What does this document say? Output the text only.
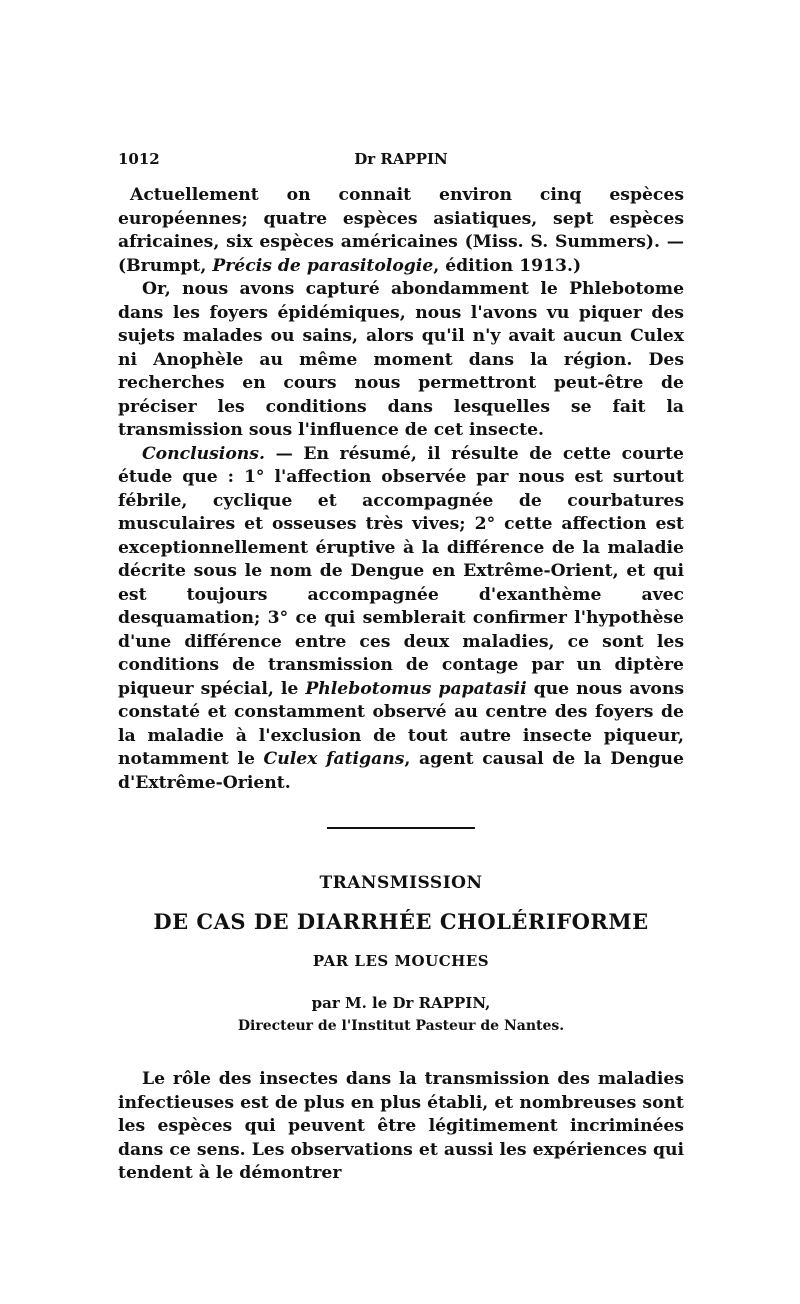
1012	Dr RAPPIN

Actuellement on connait environ cinq espèces européennes; quatre espèces asiatiques, sept espèces africaines, six espèces américaines (Miss. S. Summers). — (Brumpt, Précis de parasitologie, édition 1913.)

Or, nous avons capturé abondamment le Phlebotome dans les foyers épidémiques, nous l'avons vu piquer des sujets malades ou sains, alors qu'il n'y avait aucun Culex ni Anophèle au même moment dans la région. Des recherches en cours nous permettront peut-être de préciser les conditions dans lesquelles se fait la transmission sous l'influence de cet insecte.

Conclusions. — En résumé, il résulte de cette courte étude que : 1° l'affection observée par nous est surtout fébrile, cyclique et accompagnée de courbatures musculaires et osseuses très vives; 2° cette affection est exceptionnellement éruptive à la différence de la maladie décrite sous le nom de Dengue en Extrême-Orient, et qui est toujours accompagnée d'exanthème avec desquamation; 3° ce qui semblerait confirmer l'hypothèse d'une différence entre ces deux maladies, ce sont les conditions de transmission de contage par un diptère piqueur spécial, le Phlebotomus papatasii que nous avons constaté et constamment observé au centre des foyers de la maladie à l'exclusion de tout autre insecte piqueur, notamment le Culex fatigans, agent causal de la Dengue d'Extrême-Orient.

TRANSMISSION
DE CAS DE DIARRHÉE CHOLÉRIFORME
PAR LES MOUCHES
par M. le Dr RAPPIN,
Directeur de l'Institut Pasteur de Nantes.

Le rôle des insectes dans la transmission des maladies infectieuses est de plus en plus établi, et nombreuses sont les espèces qui peuvent être légitimement incriminées dans ce sens. Les observations et aussi les expériences qui tendent à le démontrer
